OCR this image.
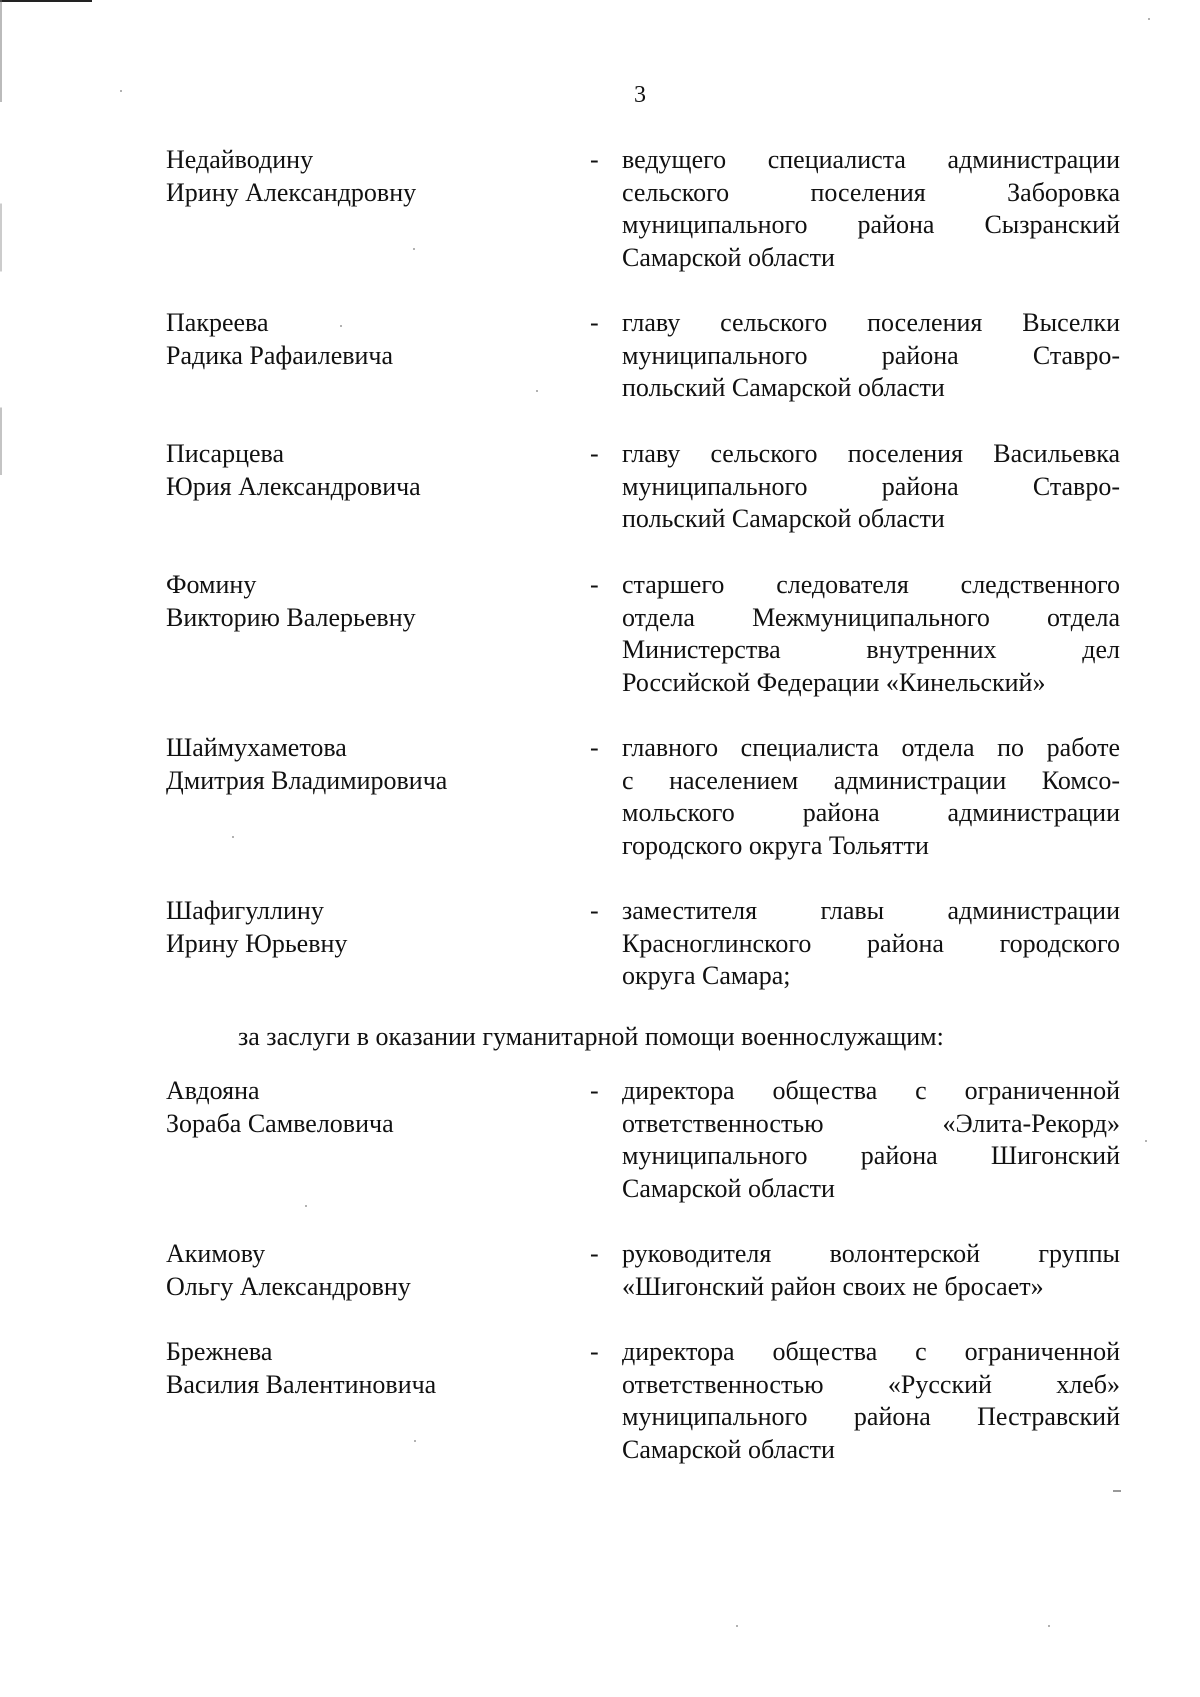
3
Недайводину
Ирину Александровну
- ведущего специалиста администрации
сельского поселения Заборовка
муниципального района Сызранский
Самарской области
Пакреева
Радика Рафаилевича
- главу сельского поселения Выселки
муниципального района Ставро-
польский Самарской области
Писарцева
Юрия Александровича
- главу сельского поселения Васильевка
муниципального района Ставро-
польский Самарской области
Фомину
Викторию Валерьевну
- старшего следователя следственного
отдела Межмуниципального отдела
Министерства внутренних дел
Российской Федерации «Кинельский»
Шаймухаметова
Дмитрия Владимировича
- главного специалиста отдела по работе
с населением администрации Комсо-
мольского района администрации
городского округа Тольятти
Шафигуллину
Ирину Юрьевну
- заместителя главы администрации
Красноглинского района городского
округа Самара;
за заслуги в оказании гуманитарной помощи военнослужащим:
Авдояна
Зораба Самвеловича
- директора общества с ограниченной
ответственностью «Элита-Рекорд»
муниципального района Шигонский
Самарской области
Акимову
Ольгу Александровну
- руководителя волонтерской группы
«Шигонский район своих не бросает»
Брежнева
Василия Валентиновича
- директора общества с ограниченной
ответственностью «Русский хлеб»
муниципального района Пестравский
Самарской области
